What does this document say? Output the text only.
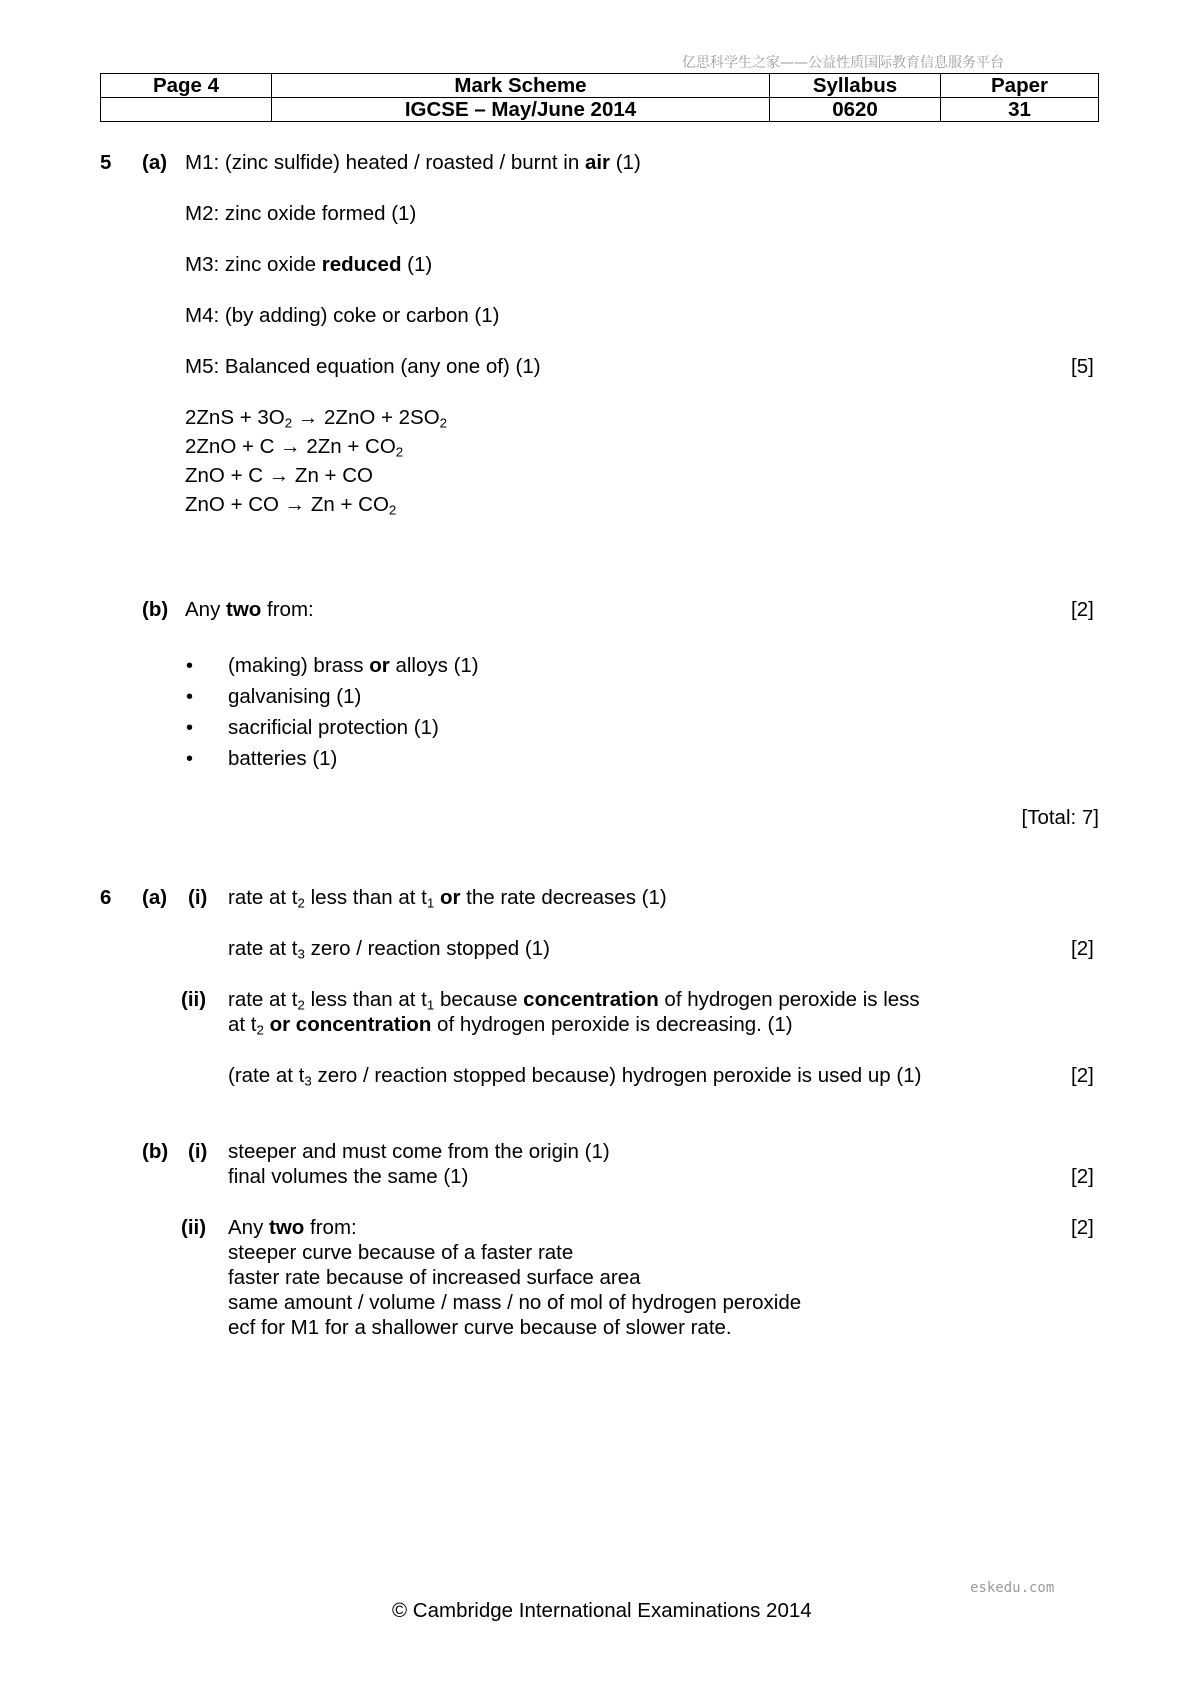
亿思科学生之家——公益性质国际教育信息服务平台
Page 4	Mark Scheme	Syllabus	Paper
	IGCSE – May/June 2014	0620	31
5 (a) M1: (zinc sulfide) heated / roasted / burnt in air (1)
M2: zinc oxide formed (1)
M3: zinc oxide reduced (1)
M4: (by adding) coke or carbon (1)
M5: Balanced equation (any one of) (1)	[5]
$2ZnS + 3O_2 \to 2ZnO + 2SO_2$
$2ZnO + C \to 2Zn + CO_2$
ZnO + C → Zn + CO
ZnO + CO → $Zn + CO_2$
(b) Any two from:	[2]
• (making) brass or alloys (1)
• galvanising (1)
• sacrificial protection (1)
• batteries (1)
[Total: 7]
6 (a) (i) rate at $t_2$ less than at $t_1$ or the rate decreases (1)
rate at $t_3$ zero / reaction stopped (1)	[2]
(ii) rate at $t_2$ less than at $t_1$ because concentration of hydrogen peroxide is less
at $t_2$ or concentration of hydrogen peroxide is decreasing. (1)
(rate at $t_3$ zero / reaction stopped because) hydrogen peroxide is used up (1)	[2]
(b) (i) steeper and must come from the origin (1)
final volumes the same (1)	[2]
(ii) Any two from:	[2]
steeper curve because of a faster rate
faster rate because of increased surface area
same amount / volume / mass / no of mol of hydrogen peroxide
ecf for M1 for a shallower curve because of slower rate.
eskedu.com
© Cambridge International Examinations 2014
